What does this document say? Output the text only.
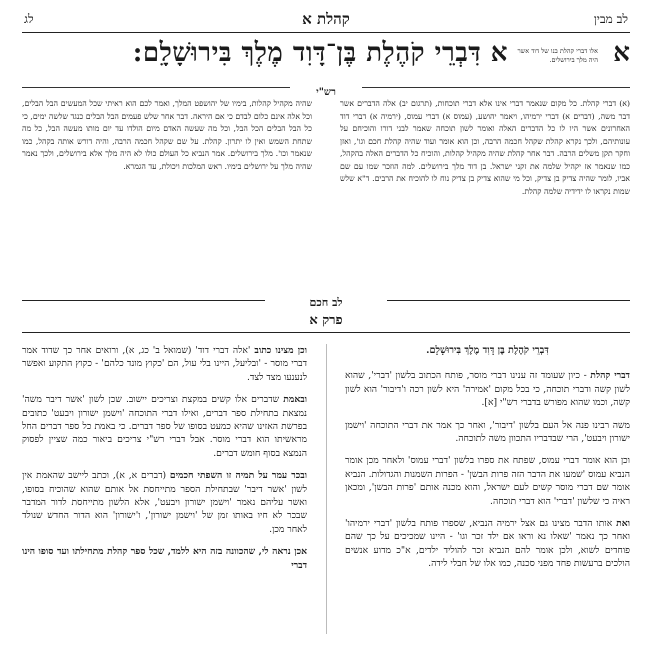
לב מבין
קהלת א
לג
א
אלו דברי קהלת בנו של דוד אשר היה מלך בירושלים.
א דִּבְרֵי קֹהֶלֶת בֶּן־דָּוִד מֶלֶךְ בִּירוּשָׁלִָם:
רש"י

(א) דברי קהלת. כל מקום שנאמר דברי אינו אלא דברי תוכחות, (תרגום יב) אלה הדברים אשר דבר משה, (דברים א) דברי ירמיהו, ויאמר יהושע, (עמוס א) דברי עמוס, (ירמיה א) דברי דוד האחרונים אשר היו לו כל הדברים האלה ואומר לשון תוכחה שאמר לבני דורו והוכיחם על עונותיהם, ולכך נקרא קהלת שקהל חכמה הרבה, וכן הוא אומר ועוד שהיה קהלת חכם וגו', ואזן וחקר תקן משלים הרבה. דבר אחר קהלת שהיה מקהיל קהלות, והוכיח כל הדברים האלה בהקהל, כמו שנאמר אז יקהיל שלמה את זקני ישראל. בן דוד מלך בירושלים. למה הוזכר שמו עם שם אביו, לומר שהיה צדיק בן צדיק, וכל מי שהוא צדיק בן צדיק נוח לו להוכיח את הרבים. ד"א שלש שמות נקראו לו ידידיה שלמה קהלת.

שהיה מקהיל קהלות, בימיו של יהושפט המלך, ואמר לכם הוא ראיתי שכל המעשים הבל הבלים, וכל אלה אינם כלום לבדם כי אם היראה. דבר אחר שלש פעמים הבל הבלים כנגד שלשה ימים, כי כל הבל הבלים הכל הבל, וכל מה שעשה האדם מיום הולדו עד יום מותו מעשה הבל, כל מה שתחת השמש ואין לו יתרון. קהלת. על שם שקהל חכמה הרבה, והיה דורש אותה בקהל, כמו שנאמר וכו'. מלך בירושלים. אמר הנביא כל העולם כולו לא היה מלך אלא בירושלים, ולכך נאמר שהיה מלך על ירושלים בימיו. ראש המלכות ויכולת, עד הגמרא.

לב חכם
פרק א

דִּבְרֵי קֹהֶלֶת בֶּן דָּוִד מֶלֶךְ בִּירוּשָׁלָם.

דברי קהלת - כיון שעומד זה ענינו דברי מוסר, פותח הכתוב בלשון 'דברי', שהוא לשון קשה ודברי תוכחה, כי בכל מקום 'אמירה' היא לשון רכה ו'דיבור' הוא לשון קשה, וכמו שהוא מפורש בדברי רש"י [א].

משה רבינו פנה אל העם בלשון 'דיבור', ואחר כך אמר את דברי התוכחה 'וישמן ישורון ויבעט', הרי שבדבריו התכוון משה לתוכחה.

וכן הוא אומר דברי עמוס, שפתח את ספרו בלשון 'דברי עמוס' ולאחר מכן אומר הנביא עמוס 'שמעו את הדבר הזה פרות הבשן' - הפרות השמנות והגדולות. הנביא אומר שם דברי מוסר קשים לעם ישראל, והוא מכנה אותם 'פרות הבשן', ומכאן ראיה כי שלשון 'דברי' הוא דברי תוכחה.

ואת אותו הדבר מצינו גם אצל ירמיה הנביא, שספרו פותח בלשון 'דברי ירמיהו' ואחר כך נאמר 'שאלו נא וראו אם ילד זכר וגו' - היינו שמכיכים על כך שהם פוחדים לשוא, ולכן אומר להם הנביא זכר להוליד ילדים, א"כ מדוע אנשים הולכים ברעשות פחד מפני סכנה, כמו אלו של חבלי לידה.

וכן מצינו כתוב 'אלה דברי דוד' (שמואל ב' כג, א), ורואים אחר כך שדוד אמר דברי מוסר - 'ובליעל, היינו בלי עול, הם 'כקוץ מונד כלהם' - כקוץ התקוע ואפשר לנענעו מצד לצד.

ובאמת שדברים אלו קשים במקצת וצריכים יישוב. שכן לשון 'אשר דיבר משה' נמצאת בתחילת ספר דברים, ואילו דברי התוכחה 'וישמן ישורון ויבעט' כתובים בפרשת האזינו שהיא כמעט בסופו של ספר דברים. כי באמת כל ספר דברים החל מראשיתו הוא דברי מוסר. אבל דברי רש"י צריכים ביאור כמה שציין לפסוק הנמצא בסוף חומש דברים.

ובכר עמר על תמיה זו השפתי חכמים (דברים א, א), וכתב ליישב שהאמת אין לשון 'אשר דיבר' שבתחילת הספר מתייחסת אל אותם שהוא שהוכיח בסופו, ואשר עליהם נאמר 'וישמן ישורון ויבעט', אלא הלשון מתייחסת לדור המדבר שבכר לא חיו באותו זמן של 'וישמן ישורון', ו'ישורון' הוא הדור החדש שנולד לאחר מכן.

אכן נראה לי, שהכוונה בזה היא ללמד, שכל ספר קהלת מתחילתו ועד סופו הינו דברי
